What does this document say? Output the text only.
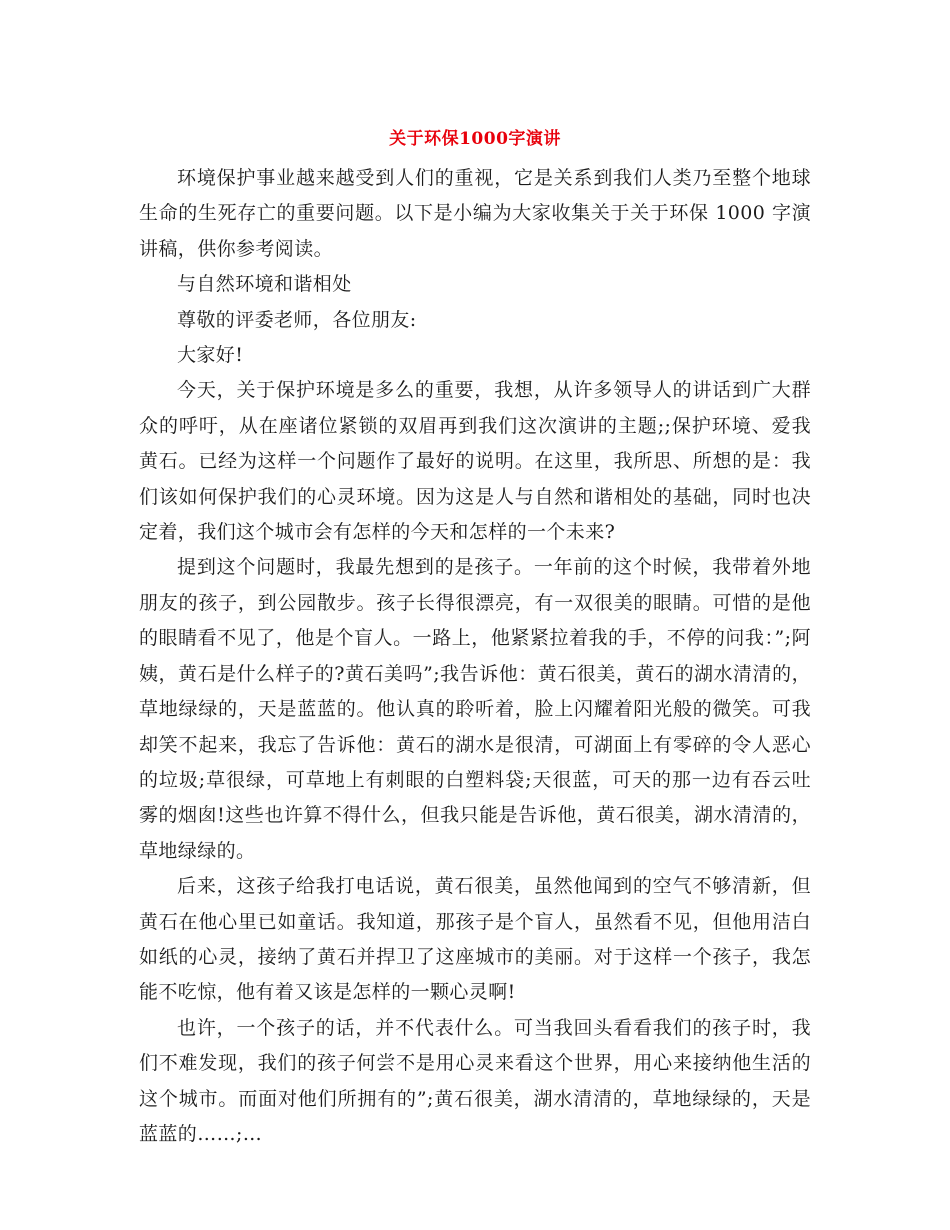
关于环保1000字演讲

环境保护事业越来越受到人们的重视，它是关系到我们人类乃至整个地球生命的生死存亡的重要问题。以下是小编为大家收集关于关于环保 1000 字演讲稿，供你参考阅读。

与自然环境和谐相处

尊敬的评委老师，各位朋友:

大家好!

今天，关于保护环境是多么的重要，我想，从许多领导人的讲话到广大群众的呼吁，从在座诸位紧锁的双眉再到我们这次演讲的主题;;保护环境、爱我黄石。已经为这样一个问题作了最好的说明。在这里，我所思、所想的是：我们该如何保护我们的心灵环境。因为这是人与自然和谐相处的基础，同时也决定着，我们这个城市会有怎样的今天和怎样的一个未来?

提到这个问题时，我最先想到的是孩子。一年前的这个时候，我带着外地朋友的孩子，到公园散步。孩子长得很漂亮，有一双很美的眼睛。可惜的是他的眼睛看不见了，他是个盲人。一路上，他紧紧拉着我的手，不停的问我：”;阿姨，黄石是什么样子的?黄石美吗”;我告诉他：黄石很美，黄石的湖水清清的，草地绿绿的，天是蓝蓝的。他认真的聆听着，脸上闪耀着阳光般的微笑。可我却笑不起来，我忘了告诉他：黄石的湖水是很清，可湖面上有零碎的令人恶心的垃圾;草很绿，可草地上有刺眼的白塑料袋;天很蓝，可天的那一边有吞云吐雾的烟囱!这些也许算不得什么，但我只能是告诉他，黄石很美，湖水清清的，草地绿绿的。

后来，这孩子给我打电话说，黄石很美，虽然他闻到的空气不够清新，但黄石在他心里已如童话。我知道，那孩子是个盲人，虽然看不见，但他用洁白如纸的心灵，接纳了黄石并捍卫了这座城市的美丽。对于这样一个孩子，我怎能不吃惊，他有着又该是怎样的一颗心灵啊!

也许，一个孩子的话，并不代表什么。可当我回头看看我们的孩子时，我们不难发现，我们的孩子何尝不是用心灵来看这个世界，用心来接纳他生活的这个城市。而面对他们所拥有的”;黄石很美，湖水清清的，草地绿绿的，天是蓝蓝的……;…
